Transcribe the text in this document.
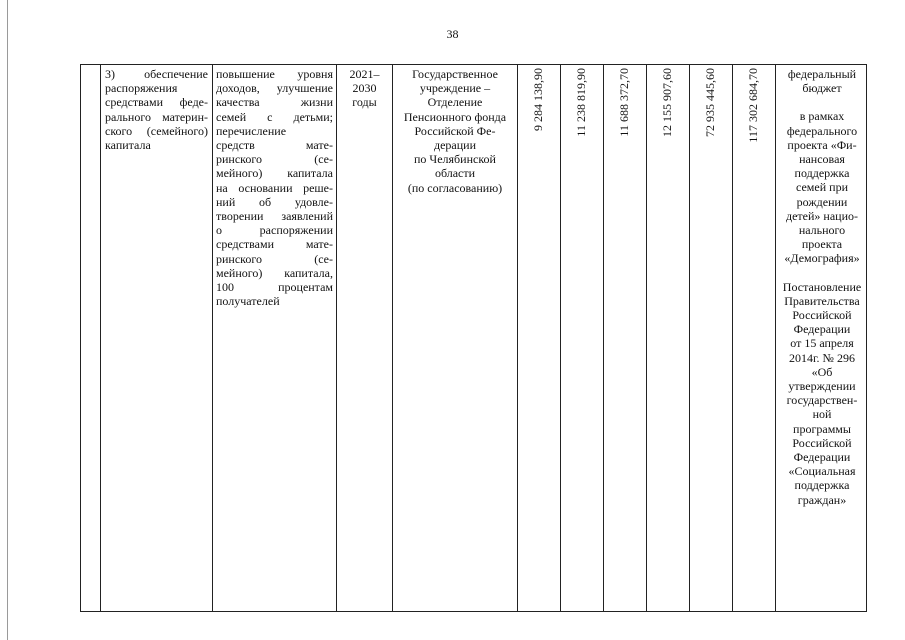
38
3) обеспечение
распоряжения
средствами феде-
рального материн-
ского (семейного)
капитала
повышение уровня
доходов, улучшение
качества жизни
семей с детьми;
перечисление
средств мате-
ринского (се-
мейного) капитала
на основании реше-
ний об удовле-
творении заявлений
о распоряжении
средствами мате-
ринского (се-
мейного) капитала,
100 процентам
получателей
2021–
2030
годы
Государственное
учреждение –
Отделение
Пенсионного фонда
Российской Фе-
дерации
по Челябинской
области
(по согласованию)
9 284 138,90 11 238 819,90 11 688 372,70 12 155 907,60 72 935 445,60 117 302 684,70	федеральный
бюджет
в рамках
федерального
проекта «Фи-
нансовая
поддержка
семей при
рождении
детей» нацио-
нального
проекта
«Демография»
Постановление
Правительства
Российской
Федерации
от 15 апреля
2014г. № 296
«Об
утверждении
государствен-
ной
программы
Российской
Федерации
«Социальная
поддержка
граждан»
